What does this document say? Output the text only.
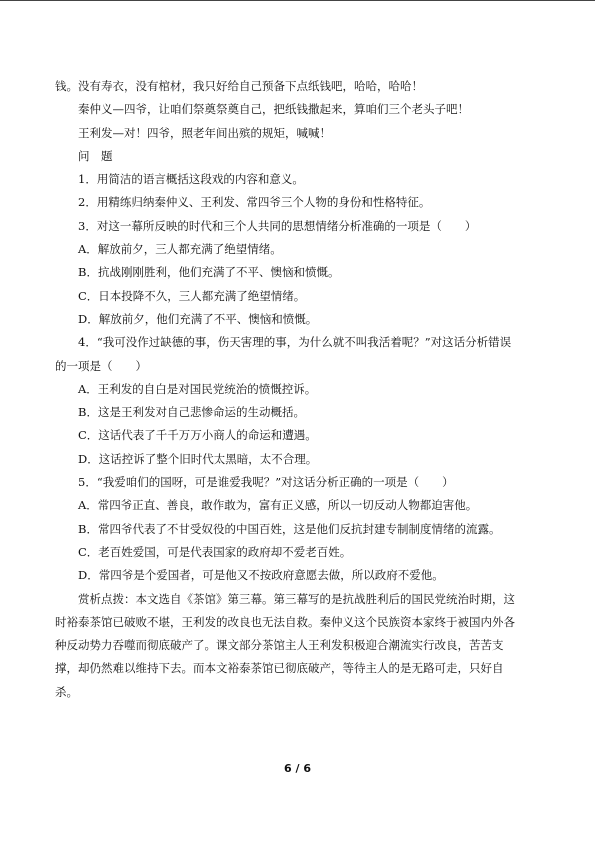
钱。没有寿衣，没有棺材，我只好给自己预备下点纸钱吧，哈哈，哈哈！
秦仲义—四爷，让咱们祭奠祭奠自己，把纸钱撒起来，算咱们三个老头子吧！
王利发—对！四爷，照老年间出殡的规矩，喊喊！
问　题
1．用简洁的语言概括这段戏的内容和意义。
2．用精练归纳秦仲义、王利发、常四爷三个人物的身份和性格特征。
3．对这一幕所反映的时代和三个人共同的思想情绪分析准确的一项是（　　）
A．解放前夕，三人都充满了绝望情绪。
B．抗战刚刚胜利，他们充满了不平、懊恼和愤慨。
C．日本投降不久，三人都充满了绝望情绪。
D．解放前夕，他们充满了不平、懊恼和愤慨。
4．“我可没作过缺德的事，伤天害理的事，为什么就不叫我活着呢？”对这话分析错误
的一项是（　　）
A．王利发的自白是对国民党统治的愤慨控诉。
B．这是王利发对自己悲惨命运的生动概括。
C．这话代表了千千万万小商人的命运和遭遇。
D．这话控诉了整个旧时代太黑暗，太不合理。
5．“我爱咱们的国呀，可是谁爱我呢？”对这话分析正确的一项是（　　）
A．常四爷正直、善良，敢作敢为，富有正义感，所以一切反动人物都迫害他。
B．常四爷代表了不甘受奴役的中国百姓，这是他们反抗封建专制制度情绪的流露。
C．老百姓爱国，可是代表国家的政府却不爱老百姓。
D．常四爷是个爱国者，可是他又不按政府意愿去做，所以政府不爱他。
赏析点拨：本文选自《茶馆》第三幕。第三幕写的是抗战胜利后的国民党统治时期，这
时裕泰茶馆已破败不堪，王利发的改良也无法自救。秦仲义这个民族资本家终于被国内外各
种反动势力吞噬而彻底破产了。课文部分茶馆主人王利发积极迎合潮流实行改良，苦苦支
撑，却仍然难以维持下去。而本文裕泰茶馆已彻底破产，等待主人的是无路可走，只好自
杀。
6 / 6
